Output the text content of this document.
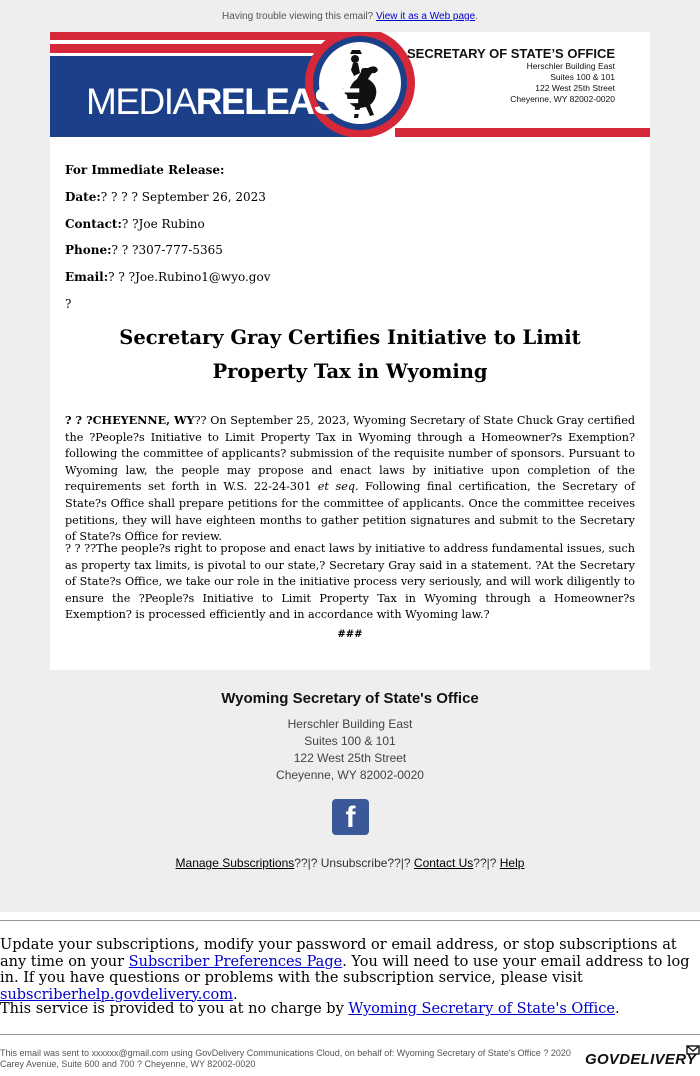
Having trouble viewing this email? View it as a Web page.
MEDIARELEASE
SECRETARY OF STATE’S OFFICE
Herschler Building East
Suites 100 & 101
122 West 25th Street
Cheyenne, WY 82002-0020
For Immediate Release:
Date:? ? ? ? September 26, 2023
Contact:? ?Joe Rubino
Phone:? ? ?307-777-5365
Email:? ? ?Joe.Rubino1@wyo.gov
?
Secretary Gray Certifies Initiative to Limit
Property Tax in Wyoming
? ? ?CHEYENNE, WY?? On September 25, 2023, Wyoming Secretary of State Chuck Gray certified the ?People?s Initiative to Limit Property Tax in Wyoming through a Homeowner?s Exemption? following the committee of applicants? submission of the requisite number of sponsors. Pursuant to Wyoming law, the people may propose and enact laws by initiative upon completion of the requirements set forth in W.S. 22-24-301 et seq. Following final certification, the Secretary of State?s Office shall prepare petitions for the committee of applicants. Once the committee receives petitions, they will have eighteen months to gather petition signatures and submit to the Secretary of State?s Office for review.
? ? ??The people?s right to propose and enact laws by initiative to address fundamental issues, such as property tax limits, is pivotal to our state,? Secretary Gray said in a statement. ?At the Secretary of State?s Office, we take our role in the initiative process very seriously, and will work diligently to ensure the ?People?s Initiative to Limit Property Tax in Wyoming through a Homeowner?s Exemption? is processed efficiently and in accordance with Wyoming law.?
###
Wyoming Secretary of State's Office
Herschler Building East
Suites 100 & 101
122 West 25th Street
Cheyenne, WY 82002-0020
f
Manage Subscriptions??|? Unsubscribe??|? Contact Us??|? Help
Update your subscriptions, modify your password or email address, or stop subscriptions at any time on your Subscriber Preferences Page. You will need to use your email address to log in. If you have questions or problems with the subscription service, please visit subscriberhelp.govdelivery.com.
This service is provided to you at no charge by Wyoming Secretary of State's Office.
This email was sent to xxxxxx@gmail.com using GovDelivery Communications Cloud, on behalf of: Wyoming Secretary of State's Office ? 2020 Carey Avenue, Suite 600 and 700 ? Cheyenne, WY 82002-0020	GOVDELIVERY
